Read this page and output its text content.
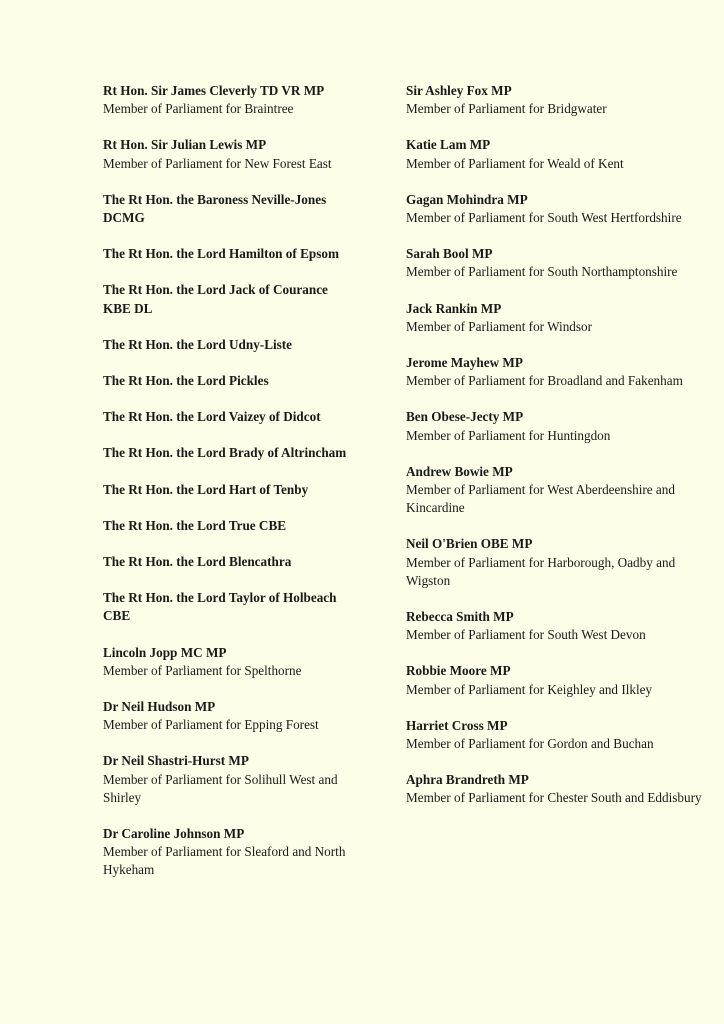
Rt Hon. Sir James Cleverly TD VR MP
Member of Parliament for Braintree
Rt Hon. Sir Julian Lewis MP
Member of Parliament for New Forest East
The Rt Hon. the Baroness Neville-Jones DCMG
The Rt Hon. the Lord Hamilton of Epsom
The Rt Hon. the Lord Jack of Courance KBE DL
The Rt Hon. the Lord Udny-Liste
The Rt Hon. the Lord Pickles
The Rt Hon. the Lord Vaizey of Didcot
The Rt Hon. the Lord Brady of Altrincham
The Rt Hon. the Lord Hart of Tenby
The Rt Hon. the Lord True CBE
The Rt Hon. the Lord Blencathra
The Rt Hon. the Lord Taylor of Holbeach CBE
Lincoln Jopp MC MP
Member of Parliament for Spelthorne
Dr Neil Hudson MP
Member of Parliament for Epping Forest
Dr Neil Shastri-Hurst MP
Member of Parliament for Solihull West and Shirley
Dr Caroline Johnson MP
Member of Parliament for Sleaford and North Hykeham
Sir Ashley Fox MP
Member of Parliament for Bridgwater
Katie Lam MP
Member of Parliament for Weald of Kent
Gagan Mohindra MP
Member of Parliament for South West Hertfordshire
Sarah Bool MP
Member of Parliament for South Northamptonshire
Jack Rankin MP
Member of Parliament for Windsor
Jerome Mayhew MP
Member of Parliament for Broadland and Fakenham
Ben Obese-Jecty MP
Member of Parliament for Huntingdon
Andrew Bowie MP
Member of Parliament for West Aberdeenshire and Kincardine
Neil O'Brien OBE MP
Member of Parliament for Harborough, Oadby and Wigston
Rebecca Smith MP
Member of Parliament for South West Devon
Robbie Moore MP
Member of Parliament for Keighley and Ilkley
Harriet Cross MP
Member of Parliament for Gordon and Buchan
Aphra Brandreth MP
Member of Parliament for Chester South and Eddisbury
